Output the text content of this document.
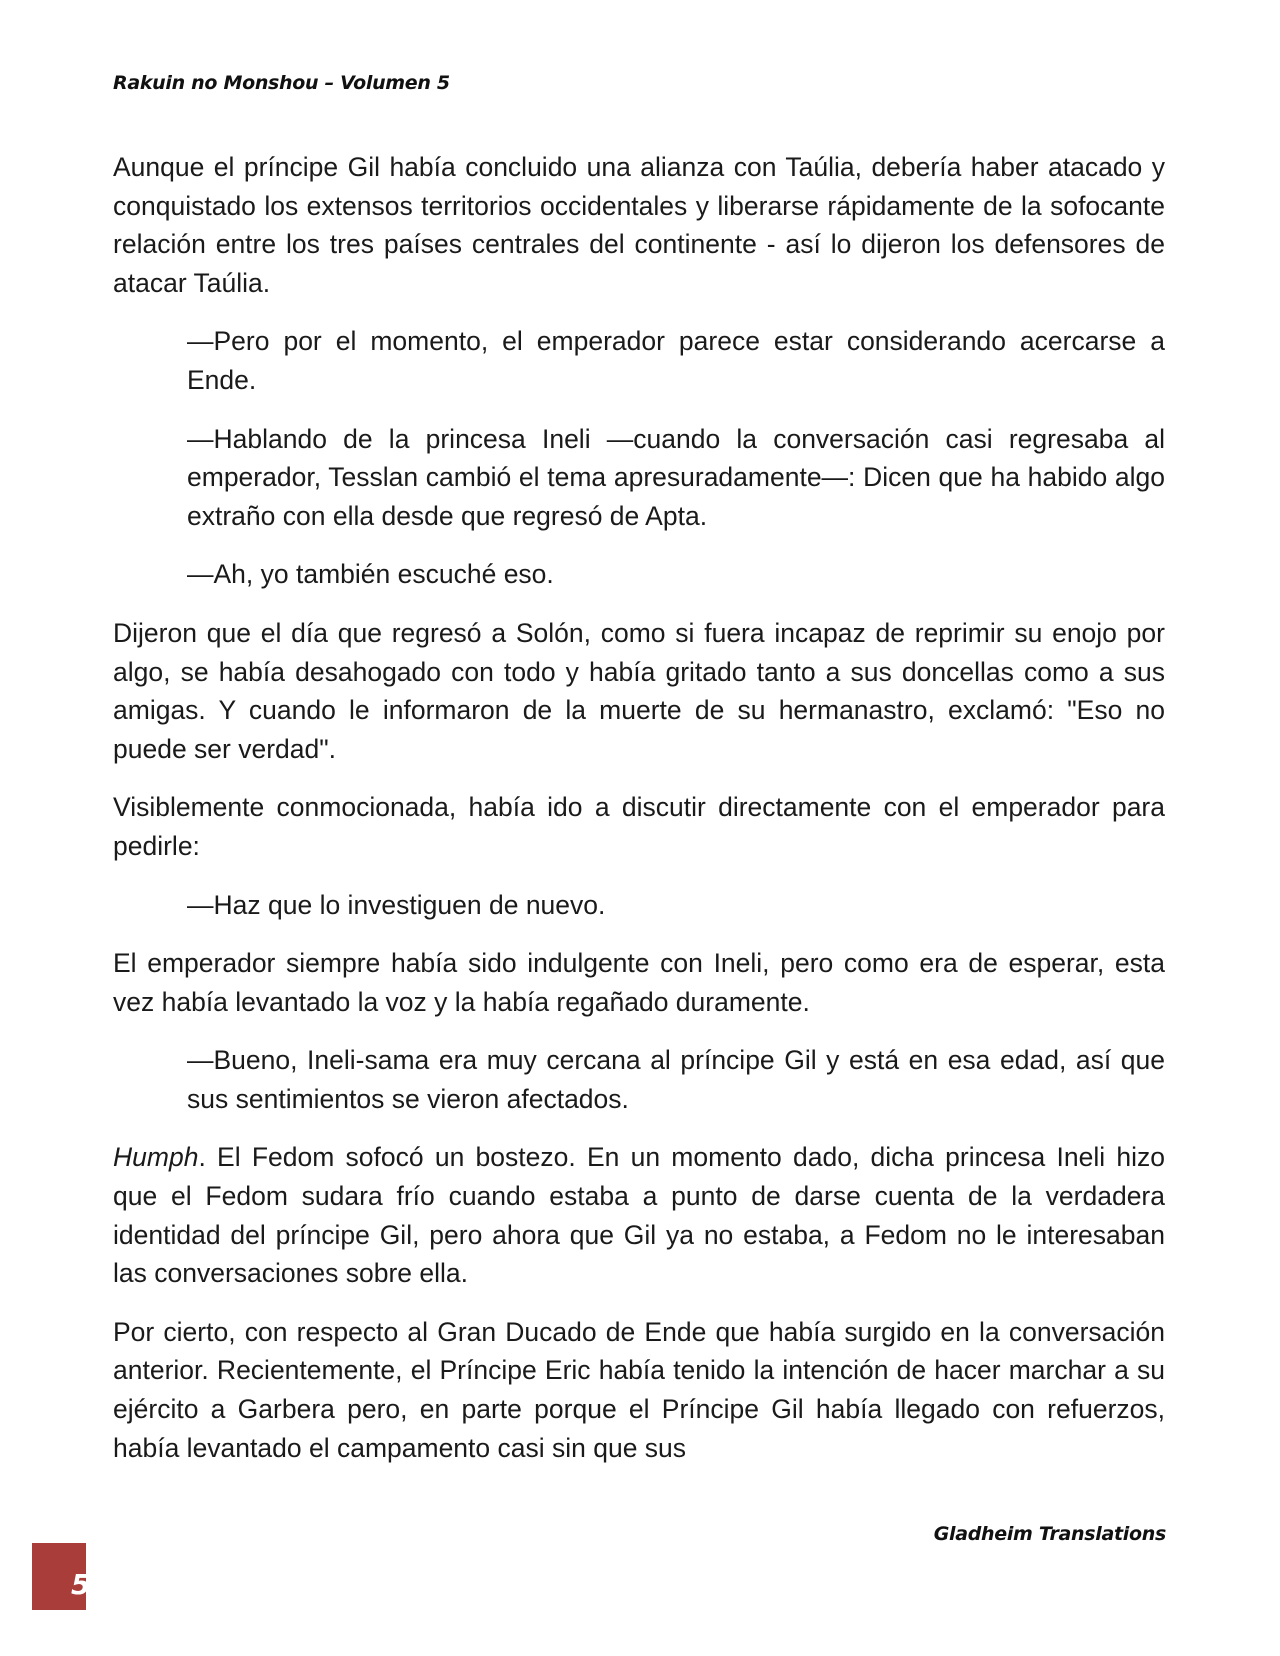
Rakuin no Monshou – Volumen 5

Aunque el príncipe Gil había concluido una alianza con Taúlia, debería haber atacado y conquistado los extensos territorios occidentales y liberarse rápidamente de la sofocante relación entre los tres países centrales del continente - así lo dijeron los defensores de atacar Taúlia.

—Pero por el momento, el emperador parece estar considerando acercarse a Ende.

—Hablando de la princesa Ineli —cuando la conversación casi regresaba al emperador, Tesslan cambió el tema apresuradamente—: Dicen que ha habido algo extraño con ella desde que regresó de Apta.

—Ah, yo también escuché eso.

Dijeron que el día que regresó a Solón, como si fuera incapaz de reprimir su enojo por algo, se había desahogado con todo y había gritado tanto a sus doncellas como a sus amigas. Y cuando le informaron de la muerte de su hermanastro, exclamó: "Eso no puede ser verdad".

Visiblemente conmocionada, había ido a discutir directamente con el emperador para pedirle:

—Haz que lo investiguen de nuevo.

El emperador siempre había sido indulgente con Ineli, pero como era de esperar, esta vez había levantado la voz y la había regañado duramente.

—Bueno, Ineli-sama era muy cercana al príncipe Gil y está en esa edad, así que sus sentimientos se vieron afectados.

Humph. El Fedom sofocó un bostezo. En un momento dado, dicha princesa Ineli hizo que el Fedom sudara frío cuando estaba a punto de darse cuenta de la verdadera identidad del príncipe Gil, pero ahora que Gil ya no estaba, a Fedom no le interesaban las conversaciones sobre ella.

Por cierto, con respecto al Gran Ducado de Ende que había surgido en la conversación anterior. Recientemente, el Príncipe Eric había tenido la intención de hacer marchar a su ejército a Garbera pero, en parte porque el Príncipe Gil había llegado con refuerzos, había levantado el campamento casi sin que sus

Gladheim Translations
5
